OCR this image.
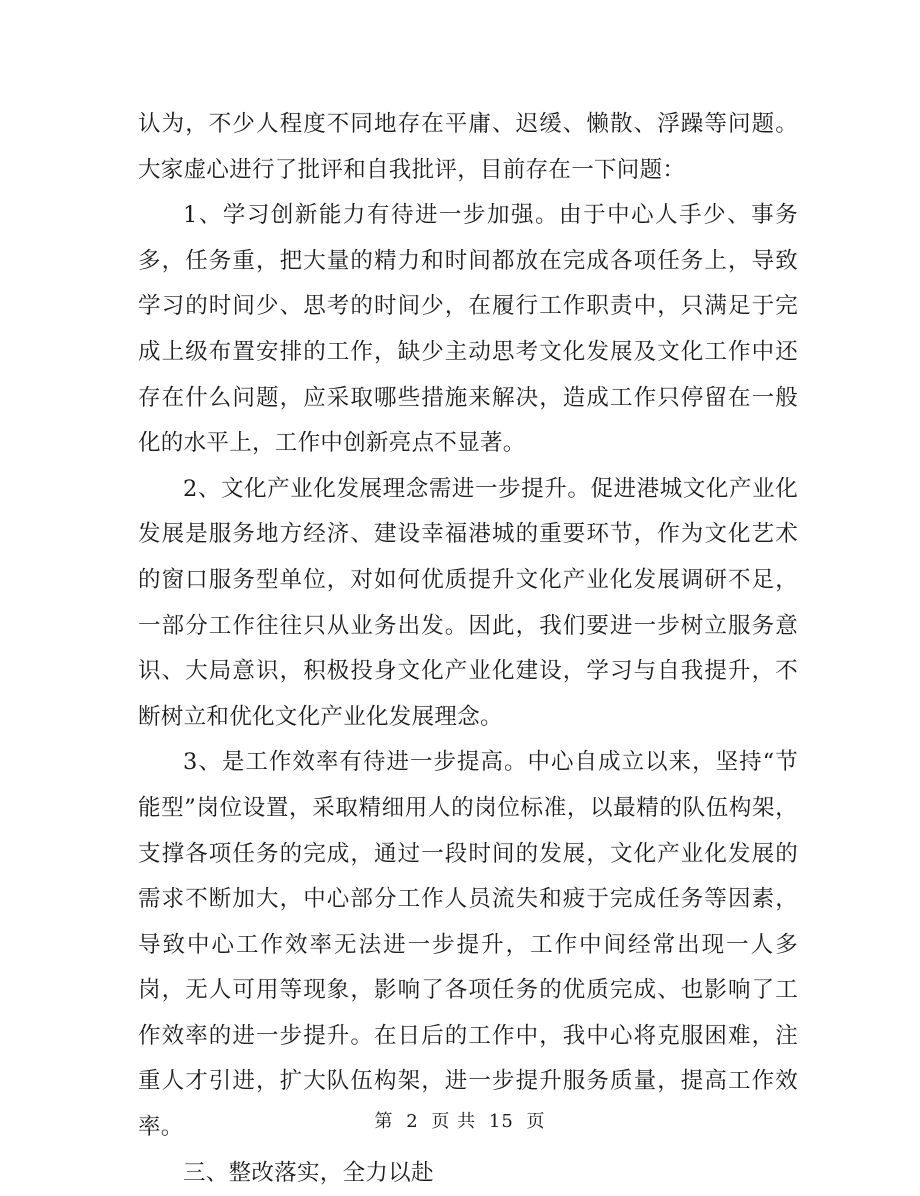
认为，不少人程度不同地存在平庸、迟缓、懒散、浮躁等问题。大家虚心进行了批评和自我批评，目前存在一下问题：

1、学习创新能力有待进一步加强。由于中心人手少、事务多，任务重，把大量的精力和时间都放在完成各项任务上，导致学习的时间少、思考的时间少，在履行工作职责中，只满足于完成上级布置安排的工作，缺少主动思考文化发展及文化工作中还存在什么问题，应采取哪些措施来解决，造成工作只停留在一般化的水平上，工作中创新亮点不显著。

2、文化产业化发展理念需进一步提升。促进港城文化产业化发展是服务地方经济、建设幸福港城的重要环节，作为文化艺术的窗口服务型单位，对如何优质提升文化产业化发展调研不足，一部分工作往往只从业务出发。因此，我们要进一步树立服务意识、大局意识，积极投身文化产业化建设，学习与自我提升，不断树立和优化文化产业化发展理念。

3、是工作效率有待进一步提高。中心自成立以来，坚持“节能型”岗位设置，采取精细用人的岗位标准，以最精的队伍构架，支撑各项任务的完成，通过一段时间的发展，文化产业化发展的需求不断加大，中心部分工作人员流失和疲于完成任务等因素，导致中心工作效率无法进一步提升，工作中间经常出现一人多岗，无人可用等现象，影响了各项任务的优质完成、也影响了工作效率的进一步提升。在日后的工作中，我中心将克服困难，注重人才引进，扩大队伍构架，进一步提升服务质量，提高工作效率。

三、整改落实，全力以赴

第 2 页 共 15 页
